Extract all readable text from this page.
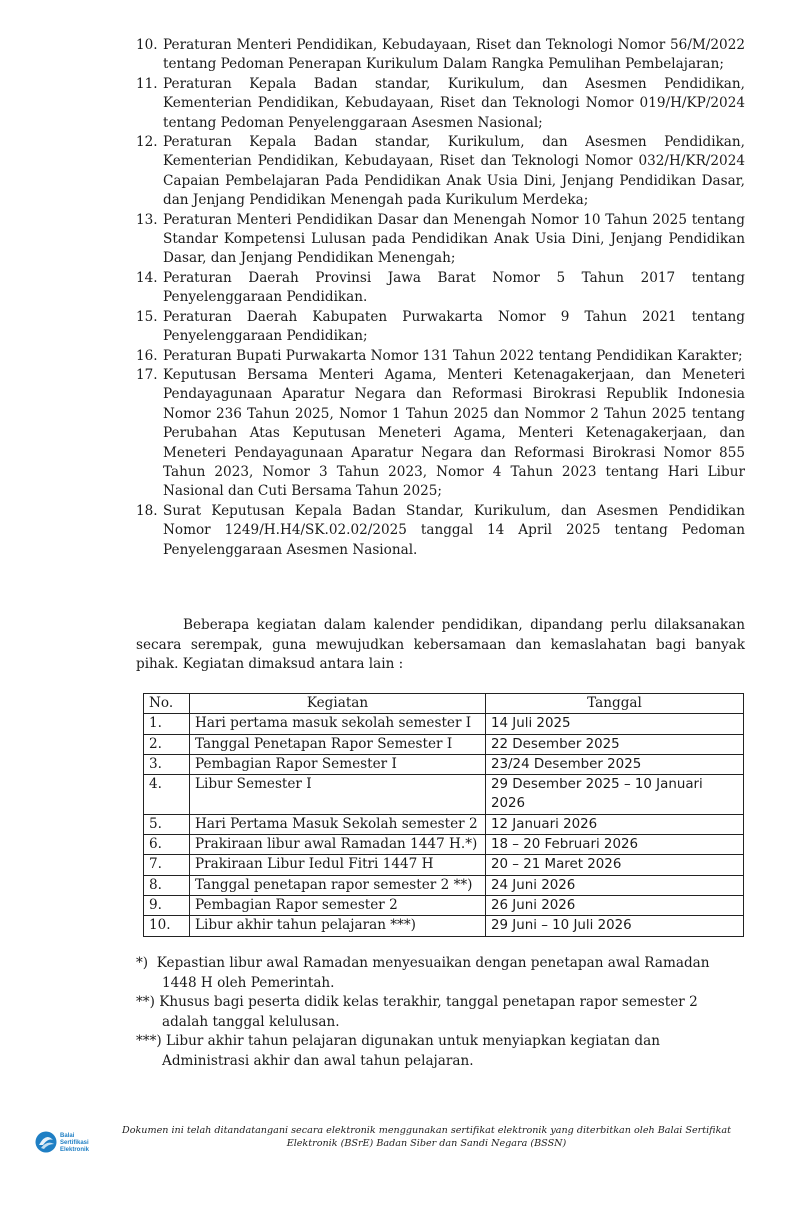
10. Peraturan Menteri Pendidikan, Kebudayaan, Riset dan Teknologi Nomor 56/M/2022 tentang Pedoman Penerapan Kurikulum Dalam Rangka Pemulihan Pembelajaran;
11. Peraturan Kepala Badan standar, Kurikulum, dan Asesmen Pendidikan, Kementerian Pendidikan, Kebudayaan, Riset dan Teknologi Nomor 019/H/KP/2024 tentang Pedoman Penyelenggaraan Asesmen Nasional;
12. Peraturan Kepala Badan standar, Kurikulum, dan Asesmen Pendidikan, Kementerian Pendidikan, Kebudayaan, Riset dan Teknologi Nomor 032/H/KR/2024 Capaian Pembelajaran Pada Pendidikan Anak Usia Dini, Jenjang Pendidikan Dasar, dan Jenjang Pendidikan Menengah pada Kurikulum Merdeka;
13. Peraturan Menteri Pendidikan Dasar dan Menengah Nomor 10 Tahun 2025 tentang Standar Kompetensi Lulusan pada Pendidikan Anak Usia Dini, Jenjang Pendidikan Dasar, dan Jenjang Pendidikan Menengah;
14. Peraturan Daerah Provinsi Jawa Barat Nomor 5 Tahun 2017 tentang Penyelenggaraan Pendidikan.
15. Peraturan Daerah Kabupaten Purwakarta Nomor 9 Tahun 2021 tentang Penyelenggaraan Pendidikan;
16. Peraturan Bupati Purwakarta Nomor 131 Tahun 2022 tentang Pendidikan Karakter;
17. Keputusan Bersama Menteri Agama, Menteri Ketenagakerjaan, dan Meneteri Pendayagunaan Aparatur Negara dan Reformasi Birokrasi Republik Indonesia Nomor 236 Tahun 2025, Nomor 1 Tahun 2025 dan Nommor 2 Tahun 2025 tentang Perubahan Atas Keputusan Meneteri Agama, Menteri Ketenagakerjaan, dan Meneteri Pendayagunaan Aparatur Negara dan Reformasi Birokrasi Nomor 855 Tahun 2023, Nomor 3 Tahun 2023, Nomor 4 Tahun 2023 tentang Hari Libur Nasional dan Cuti Bersama Tahun 2025;
18. Surat Keputusan Kepala Badan Standar, Kurikulum, dan Asesmen Pendidikan Nomor 1249/H.H4/SK.02.02/2025 tanggal 14 April 2025 tentang Pedoman Penyelenggaraan Asesmen Nasional.

Beberapa kegiatan dalam kalender pendidikan, dipandang perlu dilaksanakan secara serempak, guna mewujudkan kebersamaan dan kemaslahatan bagi banyak pihak. Kegiatan dimaksud antara lain :

No.	Kegiatan	Tanggal
1.	Hari pertama masuk sekolah semester I	14 Juli 2025
2.	Tanggal Penetapan Rapor Semester I	22 Desember 2025
3.	Pembagian Rapor Semester I	23/24 Desember 2025
4.	Libur Semester I	29 Desember 2025 – 10 Januari 2026
5.	Hari Pertama Masuk Sekolah semester 2	12 Januari 2026
6.	Prakiraan libur awal Ramadan 1447 H.*)	18 – 20 Februari 2026
7.	Prakiraan Libur Iedul Fitri 1447 H	20 – 21 Maret 2026
8.	Tanggal penetapan rapor semester 2 **)	24 Juni 2026
9.	Pembagian Rapor semester 2	26 Juni 2026
10.	Libur akhir tahun pelajaran ***)	29 Juni – 10 Juli 2026
*) Kepastian libur awal Ramadan menyesuaikan dengan penetapan awal Ramadan
1448 H oleh Pemerintah.
**) Khusus bagi peserta didik kelas terakhir, tanggal penetapan rapor semester 2
adalah tanggal kelulusan.
***) Libur akhir tahun pelajaran digunakan untuk menyiapkan kegiatan dan
Administrasi akhir dan awal tahun pelajaran.
Balai
Sertifikasi
Elektronik
Dokumen ini telah ditandatangani secara elektronik menggunakan sertifikat elektronik yang diterbitkan oleh Balai Sertifikat Elektronik (BSrE) Badan Siber dan Sandi Negara (BSSN)
